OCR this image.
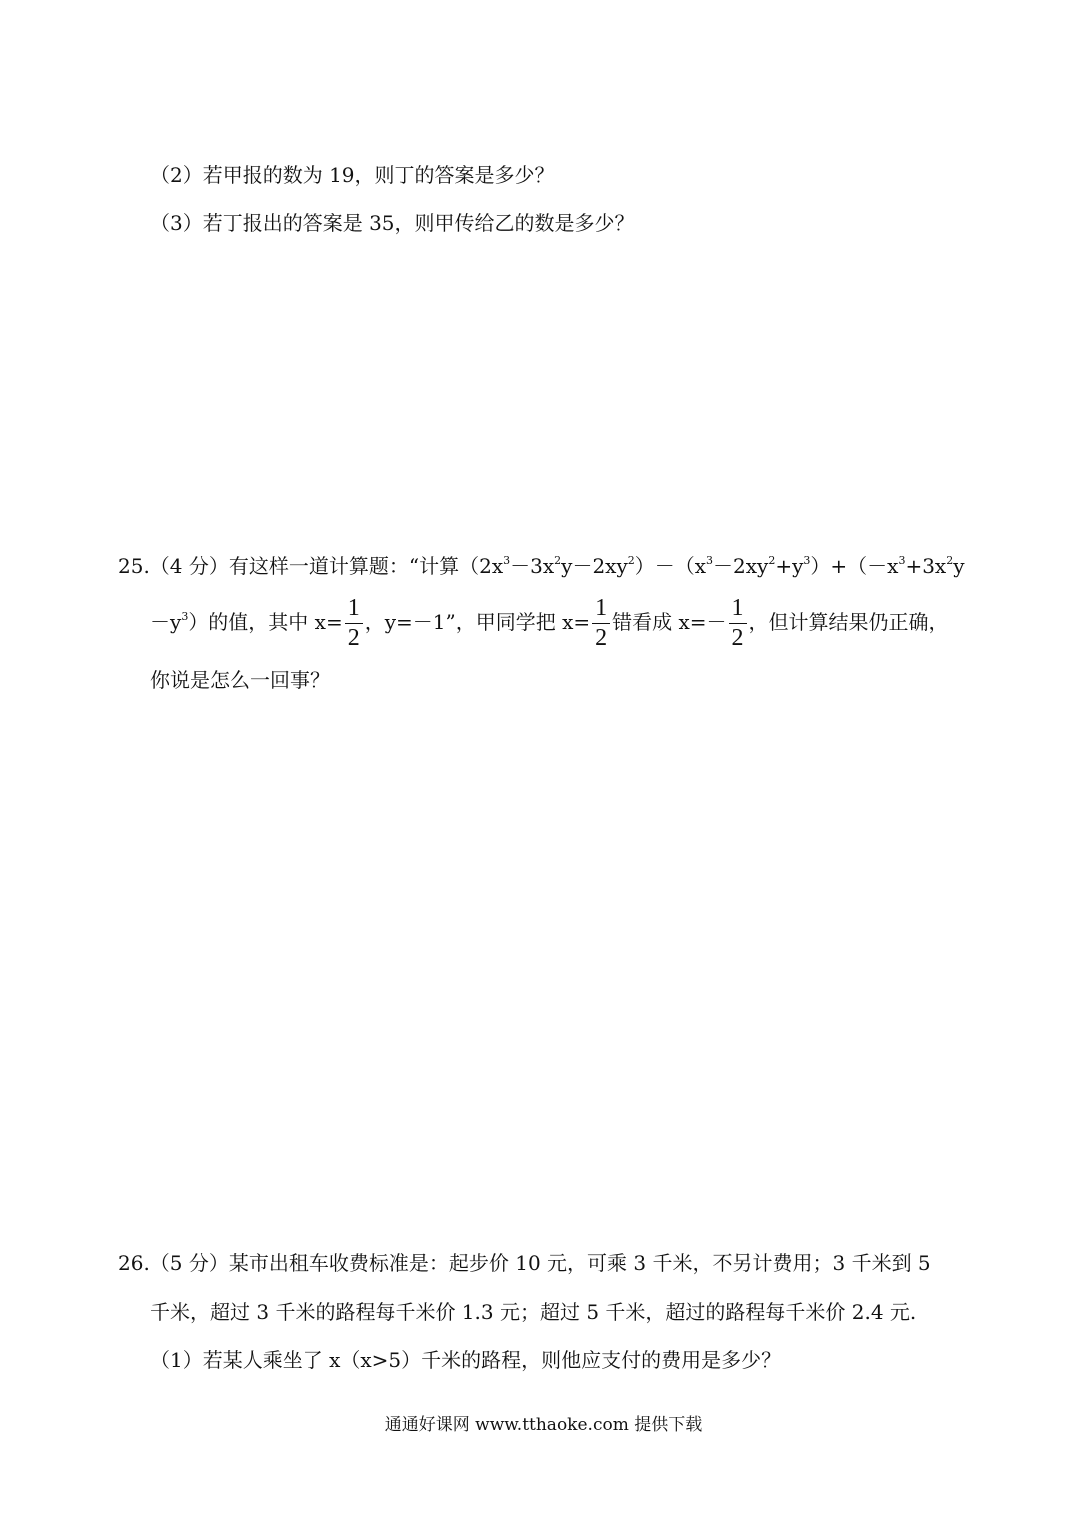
（2）若甲报的数为 19，则丁的答案是多少？
（3）若丁报出的答案是 35，则甲传给乙的数是多少？
25.（4 分）有这样一道计算题：“计算$(2x^3-3x^2y-2xy^2)-(x^3-2xy^2+y^3)+(-x^3+3x^2y$
$-y^3$）的值，其中 $x= \frac{1}{2}$ ，y=－1”，甲同学把 $x= \frac{1}{2}$ 错看成 $x=- \frac{1}{2}$ ，但计算结果仍正确，
你说是怎么一回事？
26.（5 分）某市出租车收费标准是：起步价 10 元，可乘 3 千米，不另计费用；3 千米到 5
千米，超过 3 千米的路程每千米价 1.3 元；超过 5 千米，超过的路程每千米价 2.4 元.
（1）若某人乘坐了 x（x>5）千米的路程，则他应支付的费用是多少？
通通好课网 www.tthaoke.com 提供下载
